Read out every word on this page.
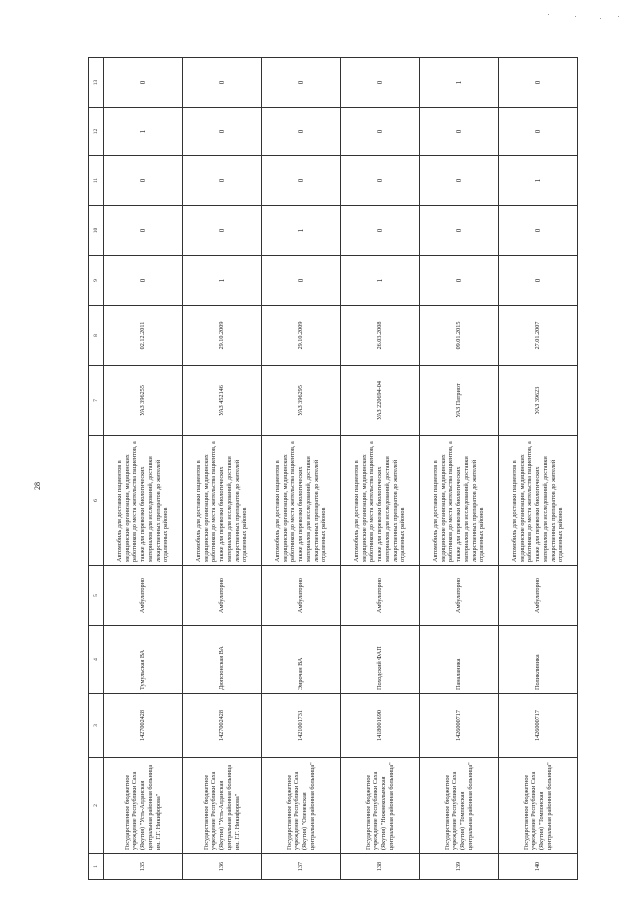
28
1	2	3	4	5	6	7	8	9	10	11	12	13
135	Государственное бюджетное учреждение Республики Саха (Якутия) "Усть-Алданская центральная районная больница им. Г.Г. Никифорова"	1427002428	Тумульская ВА	Амбулаторно	Автомобиль для доставки пациентов в медицинские организации, медицинских работников до места жительства пациентов, а также для перевозки биологических материалов для исследований, доставки лекарственных препаратов до жителей отдаленных районов	УАЗ 396255	02.12.2011	0	0	0	1	0
136	Государственное бюджетное учреждение Республики Саха (Якутия) "Усть-Алданская центральная районная больница им. Г.Г. Никифорова"	1427002428	Дюпсюнская ВА	Амбулаторно	Автомобиль для доставки пациентов в медицинские организации, медицинских работников до места жительства пациентов, а также для перевозки биологических материалов для исследований, доставки лекарственных препаратов до жителей отдаленных районов	УАЗ 452146	29.10.2009	1	0	0	0	0
137	Государственное бюджетное учреждение Республики Саха (Якутия) "Оленекская центральная районная больница"	1421001731	Эирочан ВА	Амбулаторно	Автомобиль для доставки пациентов в медицинские организации, медицинских работников до места жительства пациентов, а также для перевозки биологических материалов для исследований, доставки лекарственных препаратов до жителей отдаленных районов	УАЗ 396295	29.10.2009	0	1	0	0	0
138	Государственное бюджетное учреждение Республики Саха (Якутия) "Нижнеколымская центральная районная больница"	1418001690	Походский ФАП	Амбулаторно	Автомобиль для доставки пациентов в медицинские организации, медицинских работников до места жительства пациентов, а также для перевозки биологических материалов для исследований, доставки лекарственных препаратов до жителей отдаленных районов	УАЗ 220694-04	26.03.2008	1	0	0	0	0
139	Государственное бюджетное учреждение Республики Саха (Якутия) "Томпонская центральная районная больница"	1426000717	Паналаника	Амбулаторно	Автомобиль для доставки пациентов в медицинские организации, медицинских работников до места жительства пациентов, а также для перевозки биологических материалов для исследований, доставки лекарственных препаратов до жителей отдаленных районов	УАЗ Патриот	09.01.2015	0	0	0	0	1
140	Государственное бюджетное учреждение Республики Саха (Якутия) "Томпонская центральная районная больница"	1426000717	Поликлиника	Амбулаторно	Автомобиль для доставки пациентов в медицинские организации, медицинских работников до места жительства пациентов, а также для перевозки биологических материалов для исследований, доставки лекарственных препаратов до жителей отдаленных районов	УАЗ 39623	27.01.2007	0	0	1	0	0
